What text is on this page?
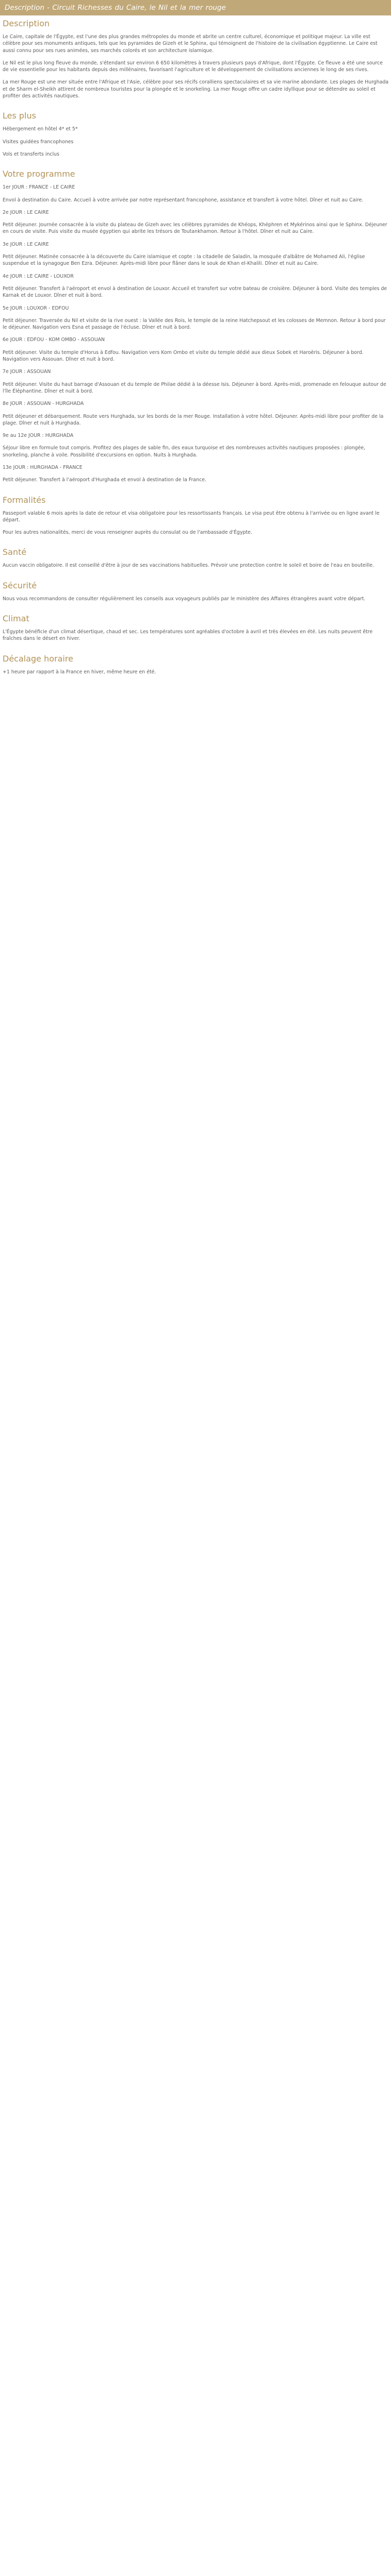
Description - Circuit Richesses du Caire, le Nil et la mer rouge
Description

Le Caire, capitale de l'Égypte, est l'une des plus grandes métropoles du monde et abrite un centre culturel, économique et politique majeur. La ville est célèbre pour ses monuments antiques, tels que les pyramides de Gizeh et le Sphinx, qui témoignent de l'histoire de la civilisation égyptienne. Le Caire est aussi connu pour ses rues animées, ses marchés colorés et son architecture islamique.

Le Nil est le plus long fleuve du monde, s'étendant sur environ 6 650 kilomètres à travers plusieurs pays d'Afrique, dont l'Égypte. Ce fleuve a été une source de vie essentielle pour les habitants depuis des millénaires, favorisant l'agriculture et le développement de civilisations anciennes le long de ses rives.

La mer Rouge est une mer située entre l'Afrique et l'Asie, célèbre pour ses récifs coralliens spectaculaires et sa vie marine abondante. Les plages de Hurghada et de Sharm el-Sheikh attirent de nombreux touristes pour la plongée et le snorkeling. La mer Rouge offre un cadre idyllique pour se détendre au soleil et profiter des activités nautiques.

Les plus

Hébergement en hôtel 4* et 5*

Visites guidées francophones

Vols et transferts inclus

Votre programme

1er JOUR : FRANCE - LE CAIRE

Envol à destination du Caire. Accueil à votre arrivée par notre représentant francophone, assistance et transfert à votre hôtel. Dîner et nuit au Caire.

2e JOUR : LE CAIRE

Petit déjeuner. Journée consacrée à la visite du plateau de Gizeh avec les célèbres pyramides de Khéops, Khéphren et Mykérinos ainsi que le Sphinx. Déjeuner en cours de visite. Puis visite du musée égyptien qui abrite les trésors de Toutankhamon. Retour à l'hôtel. Dîner et nuit au Caire.

3e JOUR : LE CAIRE

Petit déjeuner. Matinée consacrée à la découverte du Caire islamique et copte : la citadelle de Saladin, la mosquée d'albâtre de Mohamed Ali, l'église suspendue et la synagogue Ben Ezra. Déjeuner. Après-midi libre pour flâner dans le souk de Khan el-Khalili. Dîner et nuit au Caire.

4e JOUR : LE CAIRE - LOUXOR

Petit déjeuner. Transfert à l'aéroport et envol à destination de Louxor. Accueil et transfert sur votre bateau de croisière. Déjeuner à bord. Visite des temples de Karnak et de Louxor. Dîner et nuit à bord.

5e JOUR : LOUXOR - EDFOU

Petit déjeuner. Traversée du Nil et visite de la rive ouest : la Vallée des Rois, le temple de la reine Hatchepsout et les colosses de Memnon. Retour à bord pour le déjeuner. Navigation vers Esna et passage de l'écluse. Dîner et nuit à bord.

6e JOUR : EDFOU - KOM OMBO - ASSOUAN

Petit déjeuner. Visite du temple d'Horus à Edfou. Navigation vers Kom Ombo et visite du temple dédié aux dieux Sobek et Haroëris. Déjeuner à bord. Navigation vers Assouan. Dîner et nuit à bord.

7e JOUR : ASSOUAN

Petit déjeuner. Visite du haut barrage d'Assouan et du temple de Philae dédié à la déesse Isis. Déjeuner à bord. Après-midi, promenade en felouque autour de l'île Éléphantine. Dîner et nuit à bord.

8e JOUR : ASSOUAN - HURGHADA

Petit déjeuner et débarquement. Route vers Hurghada, sur les bords de la mer Rouge. Installation à votre hôtel. Déjeuner. Après-midi libre pour profiter de la plage. Dîner et nuit à Hurghada.

9e au 12e JOUR : HURGHADA

Séjour libre en formule tout compris. Profitez des plages de sable fin, des eaux turquoise et des nombreuses activités nautiques proposées : plongée, snorkeling, planche à voile. Possibilité d'excursions en option. Nuits à Hurghada.

13e JOUR : HURGHADA - FRANCE

Petit déjeuner. Transfert à l'aéroport d'Hurghada et envol à destination de la France.

Formalités

Passeport valable 6 mois après la date de retour et visa obligatoire pour les ressortissants français. Le visa peut être obtenu à l'arrivée ou en ligne avant le départ.

Pour les autres nationalités, merci de vous renseigner auprès du consulat ou de l'ambassade d'Égypte.

Santé

Aucun vaccin obligatoire. Il est conseillé d'être à jour de ses vaccinations habituelles. Prévoir une protection contre le soleil et boire de l'eau en bouteille.

Sécurité

Nous vous recommandons de consulter régulièrement les conseils aux voyageurs publiés par le ministère des Affaires étrangères avant votre départ.

Climat

L'Égypte bénéficie d'un climat désertique, chaud et sec. Les températures sont agréables d'octobre à avril et très élevées en été. Les nuits peuvent être fraîches dans le désert en hiver.

Décalage horaire

+1 heure par rapport à la France en hiver, même heure en été.
